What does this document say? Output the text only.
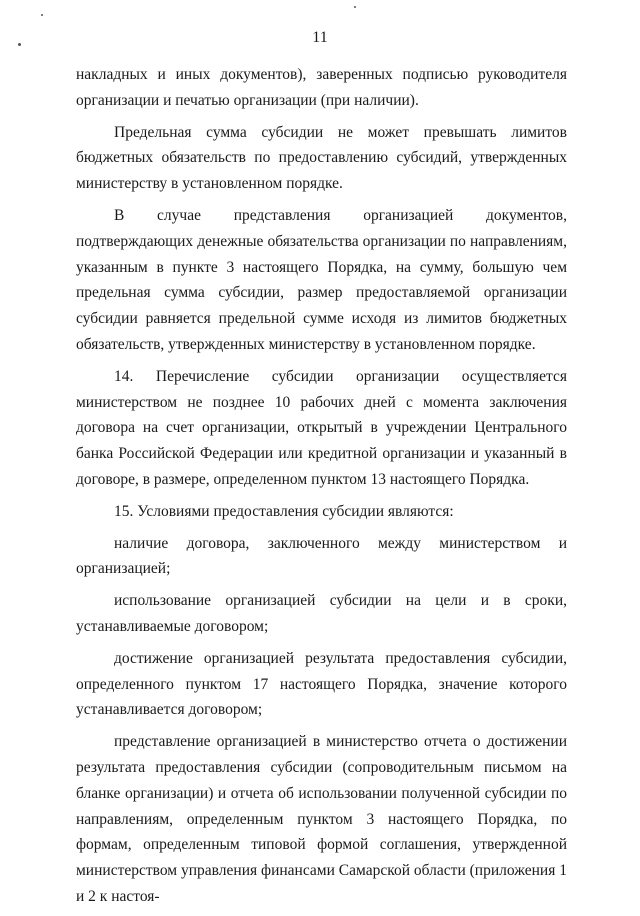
11

накладных и иных документов), заверенных подписью руководителя организации и печатью организации (при наличии).

Предельная сумма субсидии не может превышать лимитов бюджетных обязательств по предоставлению субсидий, утвержденных министерству в установленном порядке.

В случае представления организацией документов, подтверждающих денежные обязательства организации по направлениям, указанным в пункте 3 настоящего Порядка, на сумму, большую чем предельная сумма субсидии, размер предоставляемой организации субсидии равняется предельной сумме исходя из лимитов бюджетных обязательств, утвержденных министерству в установленном порядке.

14. Перечисление субсидии организации осуществляется министерством не позднее 10 рабочих дней с момента заключения договора на счет организации, открытый в учреждении Центрального банка Российской Федерации или кредитной организации и указанный в договоре, в размере, определенном пунктом 13 настоящего Порядка.

15. Условиями предоставления субсидии являются:

наличие договора, заключенного между министерством и организацией;

использование организацией субсидии на цели и в сроки, устанавливаемые договором;

достижение организацией результата предоставления субсидии, определенного пунктом 17 настоящего Порядка, значение которого устанавливается договором;

представление организацией в министерство отчета о достижении результата предоставления субсидии (сопроводительным письмом на бланке организации) и отчета об использовании полученной субсидии по направлениям, определенным пунктом 3 настоящего Порядка, по формам, определенным типовой формой соглашения, утвержденной министерством управления финансами Самарской области (приложения 1 и 2 к настоя-
